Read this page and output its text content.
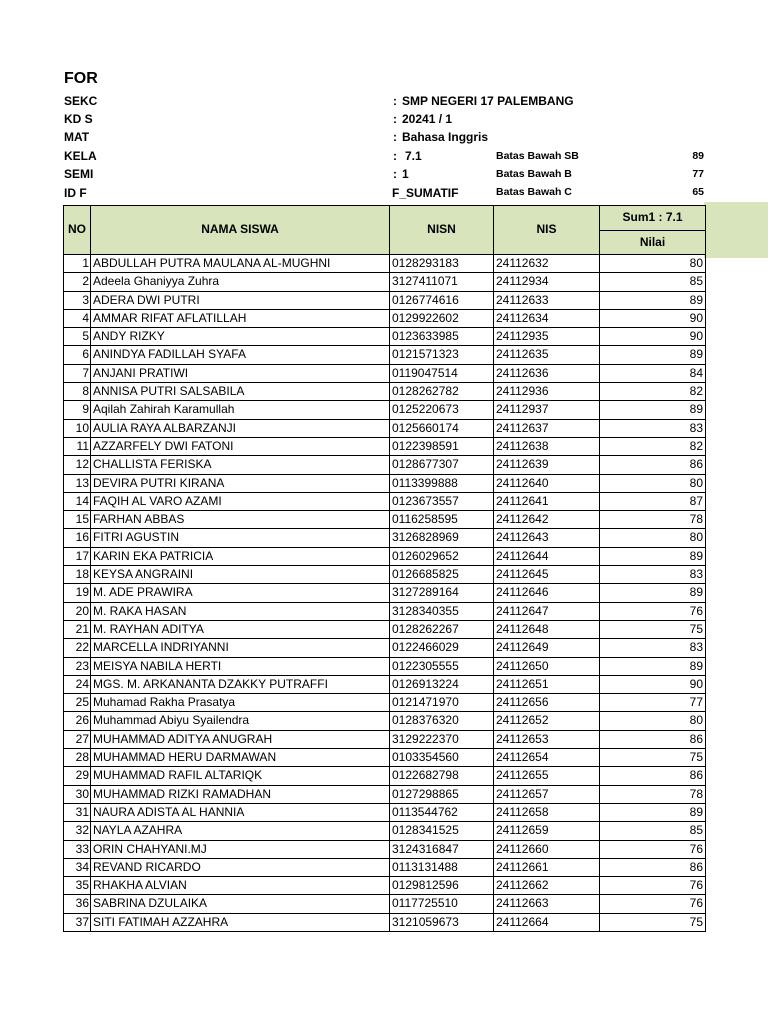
FOR
SEKC	: SMP NEGERI 17 PALEMBANG
KD S	: 20241 / 1
MAT	: Bahasa Inggris
KELA	: 7.1	Batas Bawah SB	89
SEMI	: 1	Batas Bawah B	77
ID F	F_SUMATIF	Batas Bawah C	65
NO	NAMA SISWA	NISN	NIS	Sum1 : 7.1
				Nilai
1	ABDULLAH PUTRA MAULANA AL-MUGHNI	0128293183	24112632	80
2	Adeela Ghaniyya Zuhra	3127411071	24112934	85
3	ADERA DWI PUTRI	0126774616	24112633	89
4	AMMAR RIFAT AFLATILLAH	0129922602	24112634	90
5	ANDY RIZKY	0123633985	24112935	90
6	ANINDYA FADILLAH SYAFA	0121571323	24112635	89
7	ANJANI PRATIWI	0119047514	24112636	84
8	ANNISA PUTRI SALSABILA	0128262782	24112936	82
9	Aqilah Zahirah Karamullah	0125220673	24112937	89
10	AULIA RAYA ALBARZANJI	0125660174	24112637	83
11	AZZARFELY DWI FATONI	0122398591	24112638	82
12	CHALLISTA FERISKA	0128677307	24112639	86
13	DEVIRA PUTRI KIRANA	0113399888	24112640	80
14	FAQIH AL VARO AZAMI	0123673557	24112641	87
15	FARHAN ABBAS	0116258595	24112642	78
16	FITRI AGUSTIN	3126828969	24112643	80
17	KARIN EKA PATRICIA	0126029652	24112644	89
18	KEYSA ANGRAINI	0126685825	24112645	83
19	M. ADE PRAWIRA	3127289164	24112646	89
20	M. RAKA HASAN	3128340355	24112647	76
21	M. RAYHAN ADITYA	0128262267	24112648	75
22	MARCELLA INDRIYANNI	0122466029	24112649	83
23	MEISYA NABILA HERTI	0122305555	24112650	89
24	MGS. M. ARKANANTA DZAKKY PUTRAFFI	0126913224	24112651	90
25	Muhamad Rakha Prasatya	0121471970	24112656	77
26	Muhammad Abiyu Syailendra	0128376320	24112652	80
27	MUHAMMAD ADITYA ANUGRAH	3129222370	24112653	86
28	MUHAMMAD HERU DARMAWAN	0103354560	24112654	75
29	MUHAMMAD RAFIL ALTARIQK	0122682798	24112655	86
30	MUHAMMAD RIZKI RAMADHAN	0127298865	24112657	78
31	NAURA ADISTA AL HANNIA	0113544762	24112658	89
32	NAYLA AZAHRA	0128341525	24112659	85
33	ORIN CHAHYANI.MJ	3124316847	24112660	76
34	REVAND RICARDO	0113131488	24112661	86
35	RHAKHA ALVIAN	0129812596	24112662	76
36	SABRINA DZULAIKA	0117725510	24112663	76
37	SITI FATIMAH AZZAHRA	3121059673	24112664	75
